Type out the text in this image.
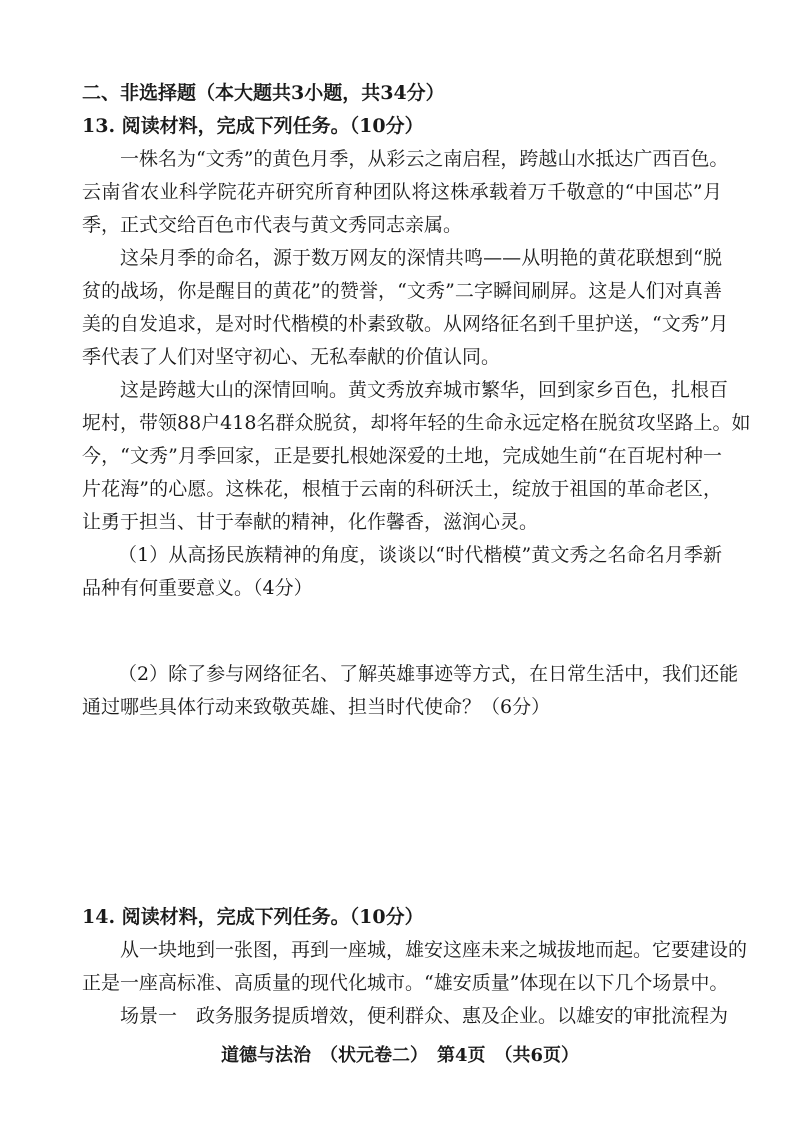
二、非选择题（本大题共3小题，共34分）
13. 阅读材料，完成下列任务。（10分）
一株名为“文秀”的黄色月季，从彩云之南启程，跨越山水抵达广西百色。
云南省农业科学院花卉研究所育种团队将这株承载着万千敬意的“中国芯”月
季，正式交给百色市代表与黄文秀同志亲属。
这朵月季的命名，源于数万网友的深情共鸣——从明艳的黄花联想到“脱
贫的战场，你是醒目的黄花”的赞誉，“文秀”二字瞬间刷屏。这是人们对真善
美的自发追求，是对时代楷模的朴素致敬。从网络征名到千里护送，“文秀”月
季代表了人们对坚守初心、无私奉献的价值认同。
这是跨越大山的深情回响。黄文秀放弃城市繁华，回到家乡百色，扎根百
坭村，带领88户418名群众脱贫，却将年轻的生命永远定格在脱贫攻坚路上。如
今，“文秀”月季回家，正是要扎根她深爱的土地，完成她生前“在百坭村种一
片花海”的心愿。这株花，根植于云南的科研沃土，绽放于祖国的革命老区，
让勇于担当、甘于奉献的精神，化作馨香，滋润心灵。
（1）从高扬民族精神的角度，谈谈以“时代楷模”黄文秀之名命名月季新
品种有何重要意义。（4分）
（2）除了参与网络征名、了解英雄事迹等方式，在日常生活中，我们还能
通过哪些具体行动来致敬英雄、担当时代使命？（6分）
14. 阅读材料，完成下列任务。（10分）
从一块地到一张图，再到一座城，雄安这座未来之城拔地而起。它要建设的
正是一座高标准、高质量的现代化城市。“雄安质量”体现在以下几个场景中。
场景一　政务服务提质增效，便利群众、惠及企业。以雄安的审批流程为
道德与法治　（状元卷二）　第4页　（共6页）
